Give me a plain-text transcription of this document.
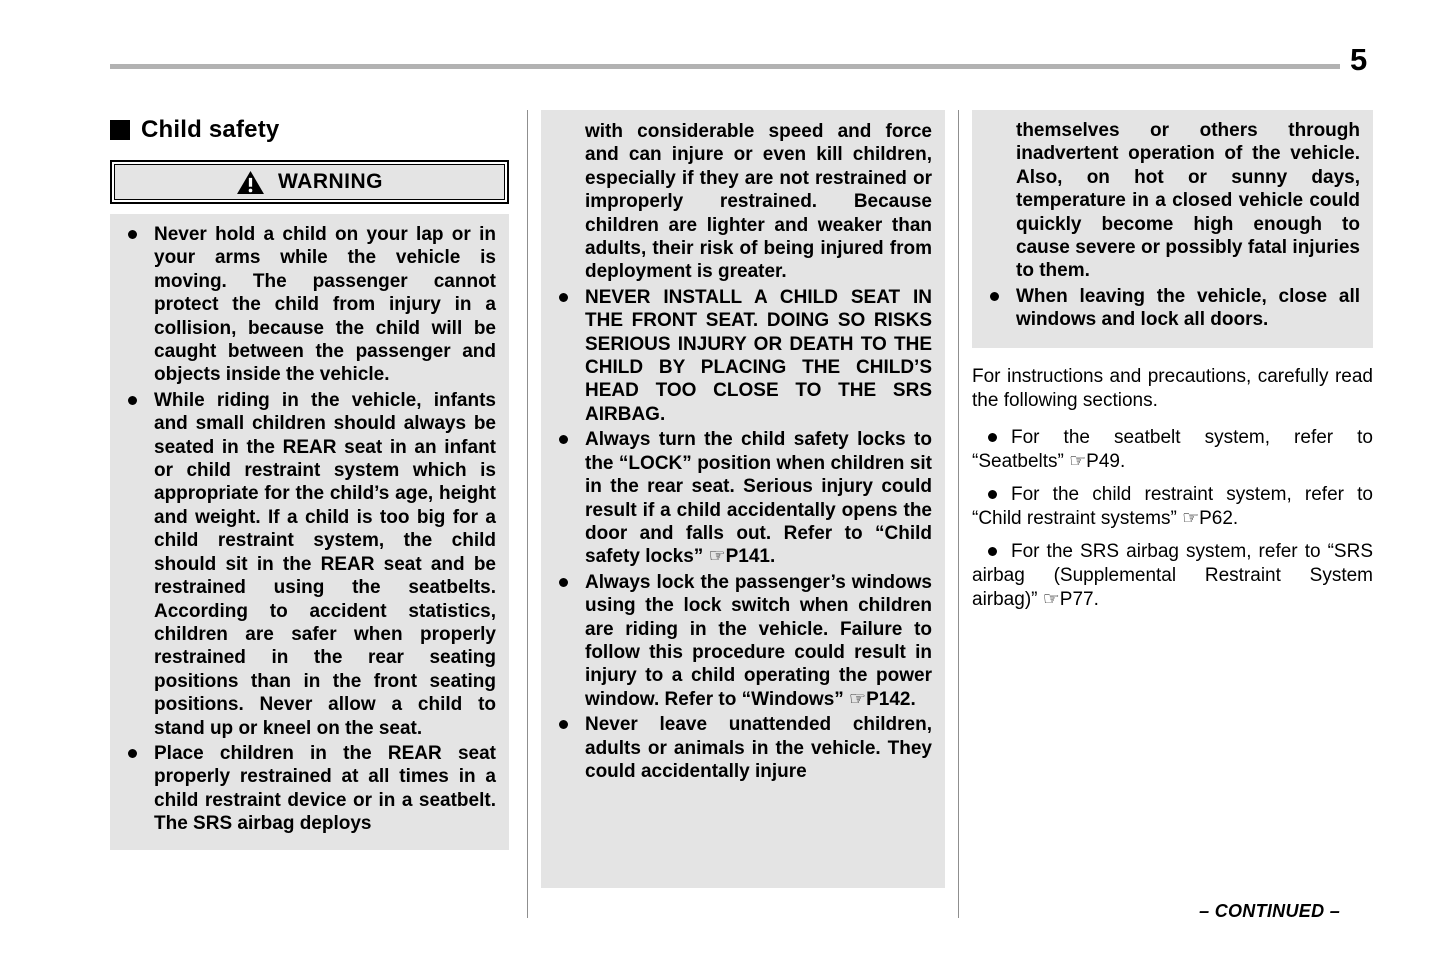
5
Child safety
WARNING

Never hold a child on your lap or in your arms while the vehicle is moving. The passenger cannot protect the child from injury in a collision, because the child will be caught between the passenger and objects inside the vehicle.

While riding in the vehicle, infants and small children should always be seated in the REAR seat in an infant or child restraint system which is appropriate for the child’s age, height and weight. If a child is too big for a child restraint system, the child should sit in the REAR seat and be restrained using the seatbelts. According to accident statistics, children are safer when properly restrained in the rear seating positions than in the front seating positions. Never allow a child to stand up or kneel on the seat.

Place children in the REAR seat properly restrained at all times in a child restraint device or in a seatbelt. The SRS airbag deploys

with considerable speed and force and can injure or even kill children, especially if they are not restrained or improperly restrained. Because children are lighter and weaker than adults, their risk of being injured from deployment is greater.

NEVER INSTALL A CHILD SEAT IN THE FRONT SEAT. DOING SO RISKS SERIOUS INJURY OR DEATH TO THE CHILD BY PLACING THE CHILD’S HEAD TOO CLOSE TO THE SRS AIRBAG.

Always turn the child safety locks to the “LOCK” position when children sit in the rear seat. Serious injury could result if a child accidentally opens the door and falls out. Refer to “Child safety locks” ☞P141.

Always lock the passenger’s windows using the lock switch when children are riding in the vehicle. Failure to follow this procedure could result in injury to a child operating the power window. Refer to “Windows” ☞P142.

Never leave unattended children, adults or animals in the vehicle. They could accidentally injure

themselves or others through inadvertent operation of the vehicle. Also, on hot or sunny days, temperature in a closed vehicle could quickly become high enough to cause severe or possibly fatal injuries to them.

When leaving the vehicle, close all windows and lock all doors.

For instructions and precautions, carefully read the following sections.

For the seatbelt system, refer to “Seatbelts” ☞P49.

For the child restraint system, refer to “Child restraint systems” ☞P62.

For the SRS airbag system, refer to “SRS airbag (Supplemental Restraint System airbag)” ☞P77.

– CONTINUED –
